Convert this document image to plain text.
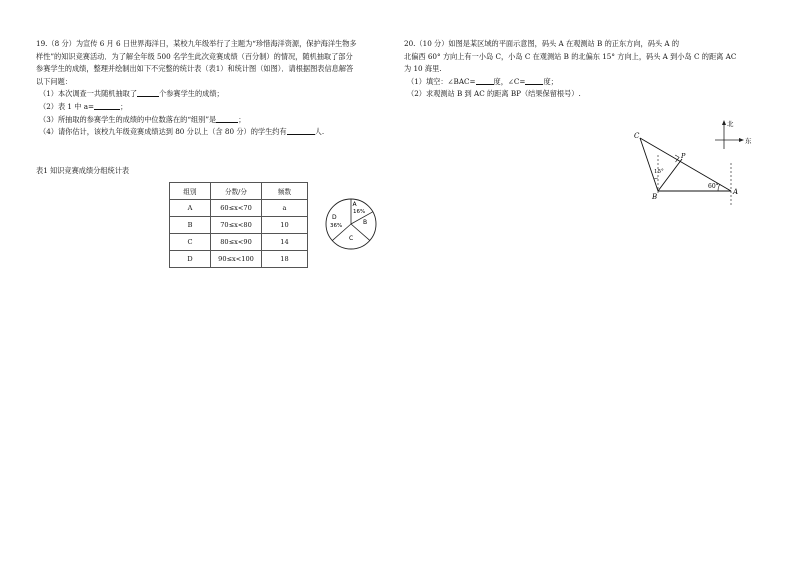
19.（8 分）为宣传 6 月 6 日世界海洋日，某校九年级举行了主题为“珍惜海洋资源，保护海洋生物多

样性”的知识竞赛活动．为了解全年级 500 名学生此次竞赛成绩（百分制）的情况，随机抽取了部分

参赛学生的成绩，整理并绘制出如下不完整的统计表（表1）和统计图（如图）．请根据图表信息解答

以下问题：

（1）本次调查一共随机抽取了	个参赛学生的成绩；

（2）表 1 中 a=	；

（3）所抽取的参赛学生的成绩的中位数落在的“组别”是	；

（4）请你估计，该校九年级竞赛成绩达到 80 分以上（含 80 分）的学生约有	人.

表1 知识竞赛成绩分组统计表
组别	分数/分	频数
A	60≤x<70	a
B	70≤x<80	10
C	80≤x<90	14
D	90≤x<100	18
A
16%
B
C
D
36%

20.（10 分）如图是某区域的平面示意图，码头 A 在观测站 B 的正东方向，码头 A 的

北偏西 60° 方向上有一小岛 C，小岛 C 在观测站 B 的北偏东 15° 方向上，码头 A 到小岛 C 的距离 AC

为 10 海里.

（1）填空：∠BAC=	度，∠C=	度；

（2）求观测站 B 到 AC 的距离 BP（结果保留根号）.

北
东
C
P
B
A
60°
15°
